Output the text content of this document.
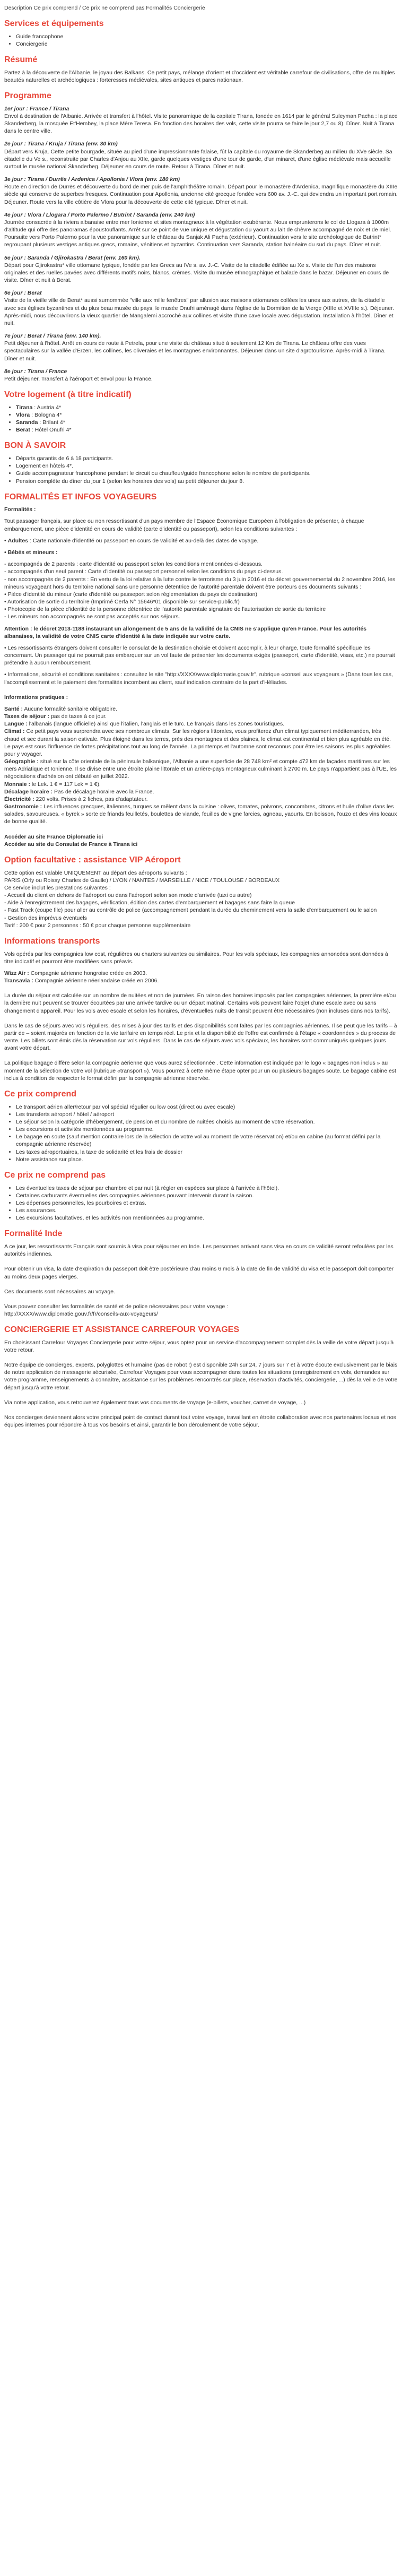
Description Ce prix comprend / Ce prix ne comprend pas Formalités Conciergerie

Services et équipements
• Guide francophone
• Conciergerie
Résumé

Partez à la découverte de l'Albanie, le joyau des Balkans. Ce petit pays, mélange d'orient et d'occident est véritable carrefour de civilisations, offre de multiples beautés naturelles et archéologiques : forteresses médiévales, sites antiques et parcs nationaux.

Programme
1er jour : France / Tirana
Envol à destination de l'Albanie. Arrivée et transfert à l'hôtel. Visite panoramique de la capitale Tirana, fondée en 1614 par le général Suleyman Pacha : la place Skanderberg, la mosquée Et'Hembey, la place Mère Teresa. En fonction des horaires des vols, cette visite pourra se faire le jour 2,7 ou 8). Dîner. Nuit à Tirana dans le centre ville.
2e jour : Tirana / Kruja / Tirana (env. 30 km)
Départ vers Kruja. Cette petite bourgade, située au pied d'une impressionnante falaise, fût la capitale du royaume de Skanderbeg au milieu du XVe siècle. Sa citadelle du Ve s., reconstruite par Charles d'Anjou au XIIe, garde quelques vestiges d'une tour de garde, d'un minaret, d'une église médiévale mais accueille surtout le musée national Skanderbeg. Déjeuner en cours de route. Retour à Tirana. Dîner et nuit.
3e jour : Tirana / Durrës / Ardenica / Apollonia / Vlora (env. 180 km)
Route en direction de Durrës et découverte du bord de mer puis de l'amphithéâtre romain. Départ pour le monastère d'Ardenica, magnifique monastère du XIIIe siècle qui conserve de superbes fresques. Continuation pour Apollonia, ancienne cité grecque fondée vers 600 av. J.-C. qui deviendra un important port romain. Déjeuner. Route vers la ville côtière de Vlora pour la découverte de cette cité typique. Dîner et nuit.
4e jour : Vlora / Llogara / Porto Palermo / Butrint / Saranda (env. 240 km)
Journée consacrée à la riviera albanaise entre mer Ionienne et sites montagneux à la végétation exubérante. Nous emprunterons le col de Llogara à 1000m d'altitude qui offre des panoramas époustouflants. Arrêt sur ce point de vue unique et dégustation du yaourt au lait de chèvre accompagné de noix et de miel. Poursuite vers Porto Palermo pour la vue panoramique sur le château du Sanjak Ali Pacha (extérieur). Continuation vers le site archéologique de Butrint* regroupant plusieurs vestiges antiques grecs, romains, vénitiens et byzantins. Continuation vers Saranda, station balnéaire du sud du pays. Dîner et nuit.
5e jour : Saranda / Gjirokastra / Berat (env. 160 km).
Départ pour Gjirokastra* ville ottomane typique, fondée par les Grecs au IVe s. av. J.-C. Visite de la citadelle édifiée au Xe s. Visite de l'un des maisons originales et des ruelles pavées avec différents motifs noirs, blancs, crèmes. Visite du musée ethnographique et balade dans le bazar. Déjeuner en cours de visite. Dîner et nuit à Berat.
6e jour : Berat
Visite de la vieille ville de Berat* aussi surnommée "ville aux mille fenêtres" par allusion aux maisons ottomanes collées les unes aux autres, de la citadelle avec ses églises byzantines et du plus beau musée du pays, le musée Onufri aménagé dans l'église de la Dormition de la Vierge (XIIIe et XVIIIe s.). Déjeuner. Après-midi, nous découvrirons la vieux quartier de Mangalemi accroché aux collines et visite d'une cave locale avec dégustation. Installation à l'hôtel. Dîner et nuit.
7e jour : Berat / Tirana (env. 140 km).
Petit déjeuner à l'hôtel. Arrêt en cours de route à Petrela, pour une visite du château situé à seulement 12 Km de Tirana. Le château offre des vues spectaculaires sur la vallée d'Erzen, les collines, les oliveraies et les montagnes environnantes. Déjeuner dans un site d'agrotourisme. Après-midi à Tirana. Dîner et nuit.
8e jour : Tirana / France
Petit déjeuner. Transfert à l'aéroport et envol pour la France.
Votre logement (à titre indicatif)
• Tirana : Austria 4*
• Vlora : Bologna 4*
• Saranda : Brilant 4*
• Berat : Hôtel Onufri 4*
BON À SAVOIR
• Départs garantis de 6 à 18 participants.
• Logement en hôtels 4*.
• Guide accompagnateur francophone pendant le circuit ou chauffeur/guide francophone selon le nombre de participants.
• Pension complète du dîner du jour 1 (selon les horaires des vols) au petit déjeuner du jour 8.
FORMALITÉS ET INFOS VOYAGEURS

Formalités :

Tout passager français, sur place ou non ressortissant d'un pays membre de l'Espace Économique Européen à l'obligation de présenter, à chaque embarquement, une pièce d'identité en cours de validité (carte d'identité ou passeport), selon les conditions suivantes :

• Adultes : Carte nationale d'identité ou passeport en cours de validité et au-delà des dates de voyage.

• Bébés et mineurs :

- accompagnés de 2 parents : carte d'identité ou passeport selon les conditions mentionnées ci-dessous.
- accompagnés d'un seul parent : Carte d'identité ou passeport personnel selon les conditions du pays ci-dessus.
- non accompagnés de 2 parents : En vertu de la loi relative à la lutte contre le terrorisme du 3 juin 2016 et du décret gouvernemental du 2 novembre 2016, les mineurs voyageant hors du territoire national sans une personne détentrice de l'autorité parentale doivent être porteurs des documents suivants :
• Pièce d'identité du mineur (carte d'identité ou passeport selon réglementation du pays de destination)
• Autorisation de sortie du territoire (Imprimé Cerfa N° 15646*01 disponible sur service-public.fr)
• Photocopie de la pièce d'identité de la personne détentrice de l'autorité parentale signataire de l'autorisation de sortie du territoire
- Les mineurs non accompagnés ne sont pas acceptés sur nos séjours.

Attention : le décret 2013-1188 instaurant un allongement de 5 ans de la validité de la CNIS ne s'applique qu'en France. Pour les autorités albanaises, la validité de votre CNIS carte d'identité à la date indiquée sur votre carte.

• Les ressortissants étrangers doivent consulter le consulat de la destination choisie et doivent accomplir, à leur charge, toute formalité spécifique les concernant. Un passager qui ne pourrait pas embarquer sur un vol faute de présenter les documents exigés (passeport, carte d'identité, visas, etc.) ne pourrait prétendre à aucun remboursement.

• Informations, sécurité et conditions sanitaires : consultez le site "http://XXXX/www.diplomatie.gouv.fr", rubrique «conseil aux voyageurs » (Dans tous les cas, l'accomplissement et le paiement des formalités incombent au client, sauf indication contraire de la part d'Héliades.

Informations pratiques :

Santé : Aucune formalité sanitaire obligatoire.

Taxes de séjour : pas de taxes à ce jour.

Langue : l'albanais (langue officielle) ainsi que l'italien, l'anglais et le turc. Le français dans les zones touristiques.

Climat : Ce petit pays vous surprendra avec ses nombreux climats. Sur les régions littorales, vous profiterez d'un climat typiquement méditerranéen, très chaud et sec durant la saison estivale. Plus éloigné dans les terres, près des montagnes et des plaines, le climat est continental et bien plus agréable en été. Le pays est sous l'influence de fortes précipitations tout au long de l'année. La printemps et l'automne sont reconnus pour être les saisons les plus agréables pour y voyager.

Géographie : situé sur la côte orientale de la péninsule balkanique, l'Albanie a une superficie de 28 748 km² et compte 472 km de façades maritimes sur les mers Adriatique et Ionienne. Il se divise entre une étroite plaine littorale et un arrière-pays montagneux culminant à 2700 m. Le pays n'appartient pas à l'UE, les négociations d'adhésion ont débuté en juillet 2022.

Monnaie : le Lek. 1 € = 117 Lek = 1 €).

Décalage horaire : Pas de décalage horaire avec la France.

Électricité : 220 volts. Prises à 2 fiches, pas d'adaptateur.

Gastronomie : Les influences grecques, italiennes, turques se mêlent dans la cuisine : olives, tomates, poivrons, concombres, citrons et huile d'olive dans les salades, savoureuses. « byrek » sorte de friands feuilletés, boulettes de viande, feuilles de vigne farcies, agneau, yaourts. En boisson, l'ouzo et des vins locaux de bonne qualité.

Accéder au site France Diplomatie ici

Accéder au site du Consulat de France à Tirana ici

Option facultative : assistance VIP Aéroport
Cette option est valable UNIQUEMENT au départ des aéroports suivants :
PARIS (Orly ou Roissy Charles de Gaulle) / LYON / NANTES / MARSEILLE / NICE / TOULOUSE / BORDEAUX
Ce service inclut les prestations suivantes :
- Accueil du client en dehors de l'aéroport ou dans l'aéroport selon son mode d'arrivée (taxi ou autre)
- Aide à l'enregistrement des bagages, vérification, édition des cartes d'embarquement et bagages sans faire la queue
- Fast Track (coupe file) pour aller au contrôle de police (accompagnement pendant la durée du cheminement vers la salle d'embarquement ou le salon
- Gestion des imprévus éventuels
Tarif : 200 € pour 2 personnes : 50 € pour chaque personne supplémentaire
Informations transports

Vols opérés par les compagnies low cost, régulières ou charters suivantes ou similaires. Pour les vols spéciaux, les compagnies annoncées sont données à titre indicatif et pourront être modifiées sans préavis.

Wizz Air : Compagnie aérienne hongroise créée en 2003.

Transavia : Compagnie aérienne néerlandaise créée en 2006.

La durée du séjour est calculée sur un nombre de nuitées et non de journées. En raison des horaires imposés par les compagnies aériennes, la première et/ou la dernière nuit peuvent se trouver écourtées par une arrivée tardive ou un départ matinal. Certains vols peuvent faire l'objet d'une escale avec ou sans changement d'appareil. Pour les vols avec escale et selon les horaires, d'éventuelles nuits de transit peuvent être nécessaires (non incluses dans nos tarifs).

Dans le cas de séjours avec vols réguliers, des mises à jour des tarifs et des disponibilités sont faites par les compagnies aériennes. Il se peut que les tarifs – à partir de – soient majorés en fonction de la vie tarifaire en temps réel. Le prix et la disponibilité de l'offre est confirmée à l'étape « coordonnées » du process de vente. Les billets sont émis dès la réservation sur vols réguliers. Dans le cas de séjours avec vols spéciaux, les horaires sont communiqués quelques jours avant votre départ.

La politique bagage diffère selon la compagnie aérienne que vous aurez sélectionnée . Cette information est indiquée par le logo « bagages non inclus » au moment de la sélection de votre vol (rubrique «transport »). Vous pourrez à cette même étape opter pour un ou plusieurs bagages soute. Le bagage cabine est inclus à condition de respecter le format défini par la compagnie aérienne réservée.

Ce prix comprend
• Le transport aérien aller/retour par vol spécial régulier ou low cost (direct ou avec escale)
• Les transferts aéroport / hôtel / aéroport
• Le séjour selon la catégorie d'hébergement, de pension et du nombre de nuitées choisis au moment de votre réservation.
• Les excursions et activités mentionnées au programme.
• Le bagage en soute (sauf mention contraire lors de la sélection de votre vol au moment de votre réservation) et/ou en cabine (au format défini par la compagnie aérienne réservée)
• Les taxes aéroportuaires, la taxe de solidarité et les frais de dossier
• Notre assistance sur place.
Ce prix ne comprend pas
• Les éventuelles taxes de séjour par chambre et par nuit (à régler en espèces sur place à l'arrivée à l'hôtel).
• Certaines carburants éventuelles des compagnies aériennes pouvant intervenir durant la saison.
• Les dépenses personnelles, les pourboires et extras.
• Les assurances.
• Les excursions facultatives, et les activités non mentionnées au programme.
Formalité Inde

A ce jour, les ressortissants Français sont soumis à visa pour séjourner en Inde. Les personnes arrivant sans visa en cours de validité seront refoulées par les autorités indiennes.

Pour obtenir un visa, la date d'expiration du passeport doit être postérieure d'au moins 6 mois à la date de fin de validité du visa et le passeport doit comporter au moins deux pages vierges.

Ces documents sont nécessaires au voyage.

Vous pouvez consulter les formalités de santé et de police nécessaires pour votre voyage :

http://XXXX/www.diplomatie.gouv.fr/fr/conseils-aux-voyageurs/

CONCIERGERIE ET ASSISTANCE CARREFOUR VOYAGES

En choisissant Carrefour Voyages Conciergerie pour votre séjour, vous optez pour un service d'accompagnement complet dès la veille de votre départ jusqu'à votre retour.

Notre équipe de concierges, experts, polyglottes et humaine (pas de robot !) est disponible 24h sur 24, 7 jours sur 7 et à votre écoute exclusivement par le biais de notre application de messagerie sécurisée, Carrefour Voyages pour vous accompagner dans toutes les situations (enregistrement en vols, demandes sur votre programme, renseignements à connaître, assistance sur les problèmes rencontrés sur place, réservation d'activités, conciergerie, ...) dès la veille de votre départ jusqu'à votre retour.

Via notre application, vous retrouverez également tous vos documents de voyage (e-billets, voucher, carnet de voyage, ...)

Nos concierges deviennent alors votre principal point de contact durant tout votre voyage, travaillant en étroite collaboration avec nos partenaires locaux et nos équipes internes pour répondre à tous vos besoins et ainsi, garantir le bon déroulement de votre séjour.
